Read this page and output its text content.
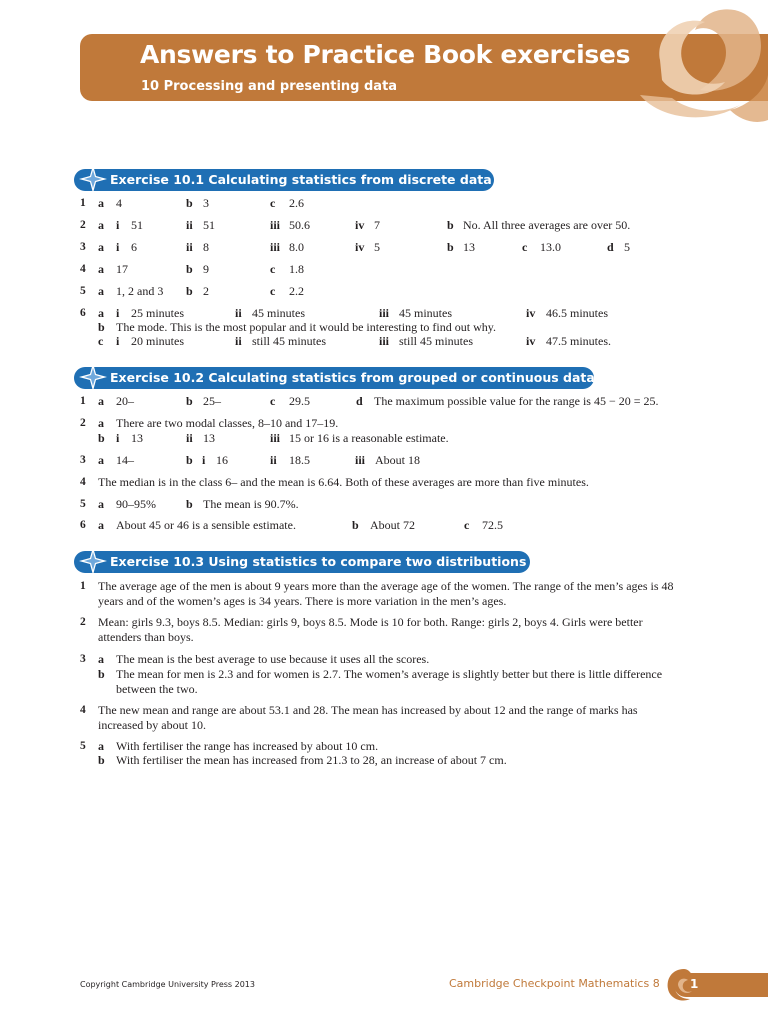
Answers to Practice Book exercises
10 Processing and presenting data
Exercise 10.1 Calculating statistics from discrete data
1 a 4	b 3	c 2.6
2 a i 51	ii 51	iii 50.6	iv 7	b No. All three averages are over 50.
3 a i 6	ii 8	iii 8.0	iv 5	b 13	c 13.0	d 5
4 a 17	b 9	c 1.8
5 a 1, 2 and 3 b 2	c 2.2
6 a i 25 minutes	ii 45 minutes	iii 45 minutes	iv 46.5 minutes
b The mode. This is the most popular and it would be interesting to find out why.
c i 20 minutes	ii still 45 minutes	iii still 45 minutes	iv 47.5 minutes.
Exercise 10.2 Calculating statistics from grouped or continuous data
1 a 20–	b 25–	c 29.5	d The maximum possible value for the range is 45 − 20 = 25.
2 a There are two modal classes, 8–10 and 17–19.
b i 13	ii 13	iii 15 or 16 is a reasonable estimate.
3 a 14–	b i 16	ii 18.5	iii About 18
4 The median is in the class 6– and the mean is 6.64. Both of these averages are more than five minutes.
5 a 90–95%	b The mean is 90.7%.
6 a About 45 or 46 is a sensible estimate.	b About 72	c 72.5
Exercise 10.3 Using statistics to compare two distributions
1 The average age of the men is about 9 years more than the average age of the women. The range of the men’s ages is 48 years and of the women’s ages is 34 years. There is more variation in the men’s ages.
2 Mean: girls 9.3, boys 8.5. Median: girls 9, boys 8.5. Mode is 10 for both. Range: girls 2, boys 4. Girls were better attenders than boys.
3 a The mean is the best average to use because it uses all the scores.
b The mean for men is 2.3 and for women is 2.7. The women’s average is slightly better but there is little difference between the two.
4 The new mean and range are about 53.1 and 28. The mean has increased by about 12 and the range of marks has increased by about 10.
5 a With fertiliser the range has increased by about 10 cm.
b With fertiliser the mean has increased from 21.3 to 28, an increase of about 7 cm.
Copyright Cambridge University Press 2013	Cambridge Checkpoint Mathematics 8	1
